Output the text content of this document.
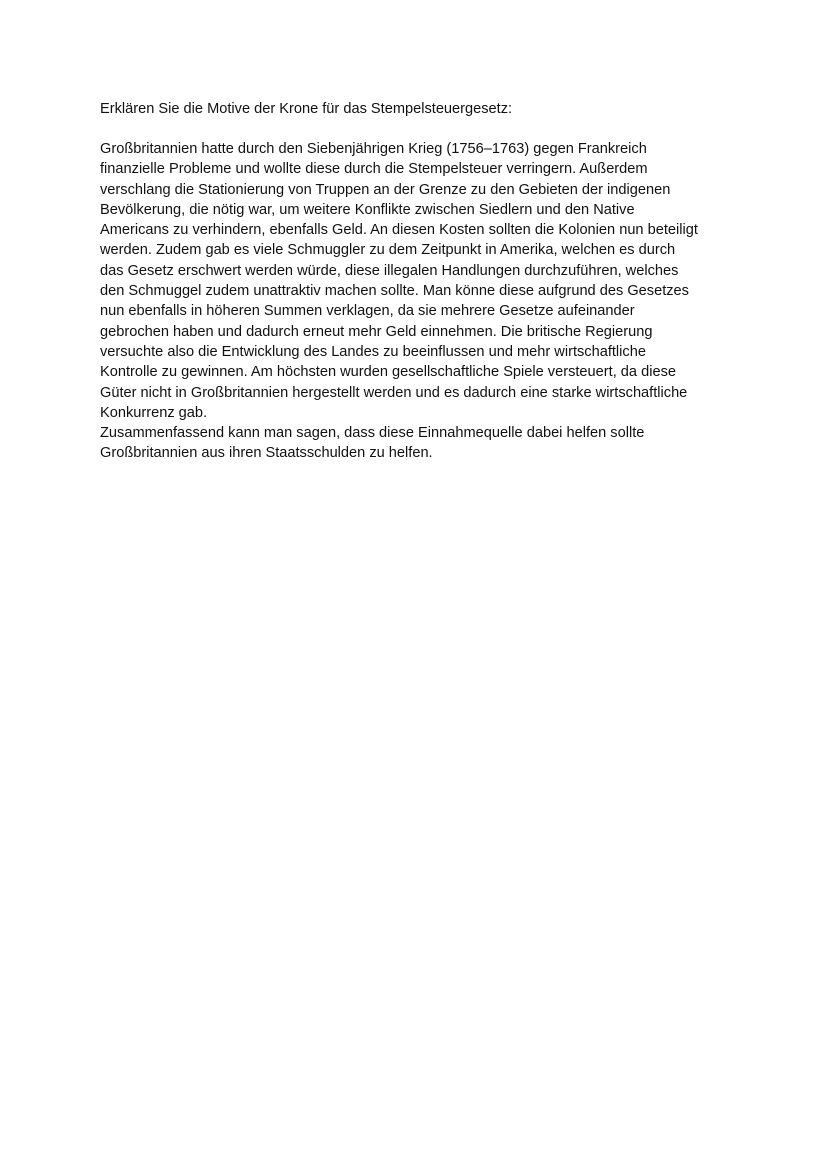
Erklären Sie die Motive der Krone für das Stempelsteuergesetz:

Großbritannien hatte durch den Siebenjährigen Krieg (1756–1763) gegen Frankreich
finanzielle Probleme und wollte diese durch die Stempelsteuer verringern. Außerdem
verschlang die Stationierung von Truppen an der Grenze zu den Gebieten der indigenen
Bevölkerung, die nötig war, um weitere Konflikte zwischen Siedlern und den Native
Americans zu verhindern, ebenfalls Geld. An diesen Kosten sollten die Kolonien nun beteiligt
werden. Zudem gab es viele Schmuggler zu dem Zeitpunkt in Amerika, welchen es durch
das Gesetz erschwert werden würde, diese illegalen Handlungen durchzuführen, welches
den Schmuggel zudem unattraktiv machen sollte. Man könne diese aufgrund des Gesetzes
nun ebenfalls in höheren Summen verklagen, da sie mehrere Gesetze aufeinander
gebrochen haben und dadurch erneut mehr Geld einnehmen. Die britische Regierung
versuchte also die Entwicklung des Landes zu beeinflussen und mehr wirtschaftliche
Kontrolle zu gewinnen. Am höchsten wurden gesellschaftliche Spiele versteuert, da diese
Güter nicht in Großbritannien hergestellt werden und es dadurch eine starke wirtschaftliche
Konkurrenz gab.

Zusammenfassend kann man sagen, dass diese Einnahmequelle dabei helfen sollte
Großbritannien aus ihren Staatsschulden zu helfen.
